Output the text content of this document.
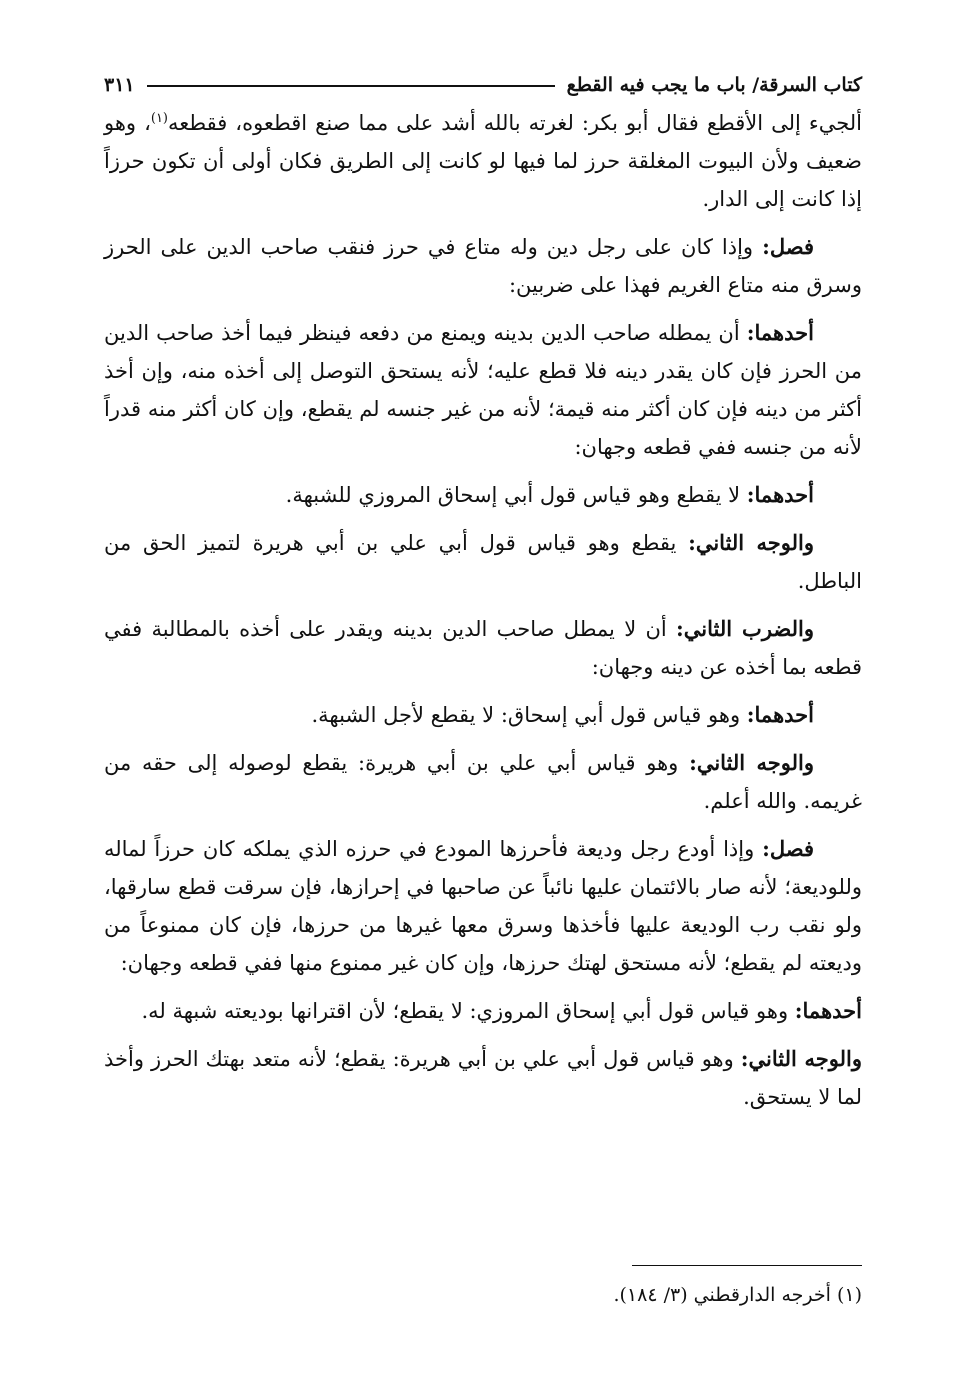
كتاب السرقة/ باب ما يجب فيه القطع
٣١١

ألجيء إلى الأقطع فقال أبو بكر: لغرته بالله أشد على مما صنع اقطعوه، فقطعه$^{(١)}$، وهو ضعيف ولأن البيوت المغلقة حرز لما فيها لو كانت إلى الطريق فكان أولى أن تكون حرزاً إذا كانت إلى الدار.

فصل: وإذا كان على رجل دين وله متاع في حرز فنقب صاحب الدين على الحرز وسرق منه متاع الغريم فهذا على ضربين:

أحدهما: أن يمطله صاحب الدين بدينه ويمنع من دفعه فينظر فيما أخذ صاحب الدين من الحرز فإن كان يقدر دينه فلا قطع عليه؛ لأنه يستحق التوصل إلى أخذه منه، وإن أخذ أكثر من دينه فإن كان أكثر منه قيمة؛ لأنه من غير جنسه لم يقطع، وإن كان أكثر منه قدراً لأنه من جنسه ففي قطعه وجهان:

أحدهما: لا يقطع وهو قياس قول أبي إسحاق المروزي للشبهة.

والوجه الثاني: يقطع وهو قياس قول أبي علي بن أبي هريرة لتميز الحق من الباطل.

والضرب الثاني: أن لا يمطل صاحب الدين بدينه ويقدر على أخذه بالمطالبة ففي قطعه بما أخذه عن دينه وجهان:

أحدهما: وهو قياس قول أبي إسحاق: لا يقطع لأجل الشبهة.

والوجه الثاني: وهو قياس أبي علي بن أبي هريرة: يقطع لوصوله إلى حقه من غريمه. والله أعلم.

فصل: وإذا أودع رجل وديعة فأحرزها المودع في حرزه الذي يملكه كان حرزاً لماله وللوديعة؛ لأنه صار بالائتمان عليها نائباً عن صاحبها في إحرازها، فإن سرقت قطع سارقها، ولو نقب رب الوديعة عليها فأخذها وسرق معها غيرها من حرزها، فإن كان ممنوعاً من وديعته لم يقطع؛ لأنه مستحق لهتك حرزها، وإن كان غير ممنوع منها ففي قطعه وجهان:

أحدهما: وهو قياس قول أبي إسحاق المروزي: لا يقطع؛ لأن اقترانها بوديعته شبهة له.

والوجه الثاني: وهو قياس قول أبي علي بن أبي هريرة: يقطع؛ لأنه متعد بهتك الحرز وأخذ لما لا يستحق.

(١) أخرجه الدارقطني (٣/ ١٨٤).
